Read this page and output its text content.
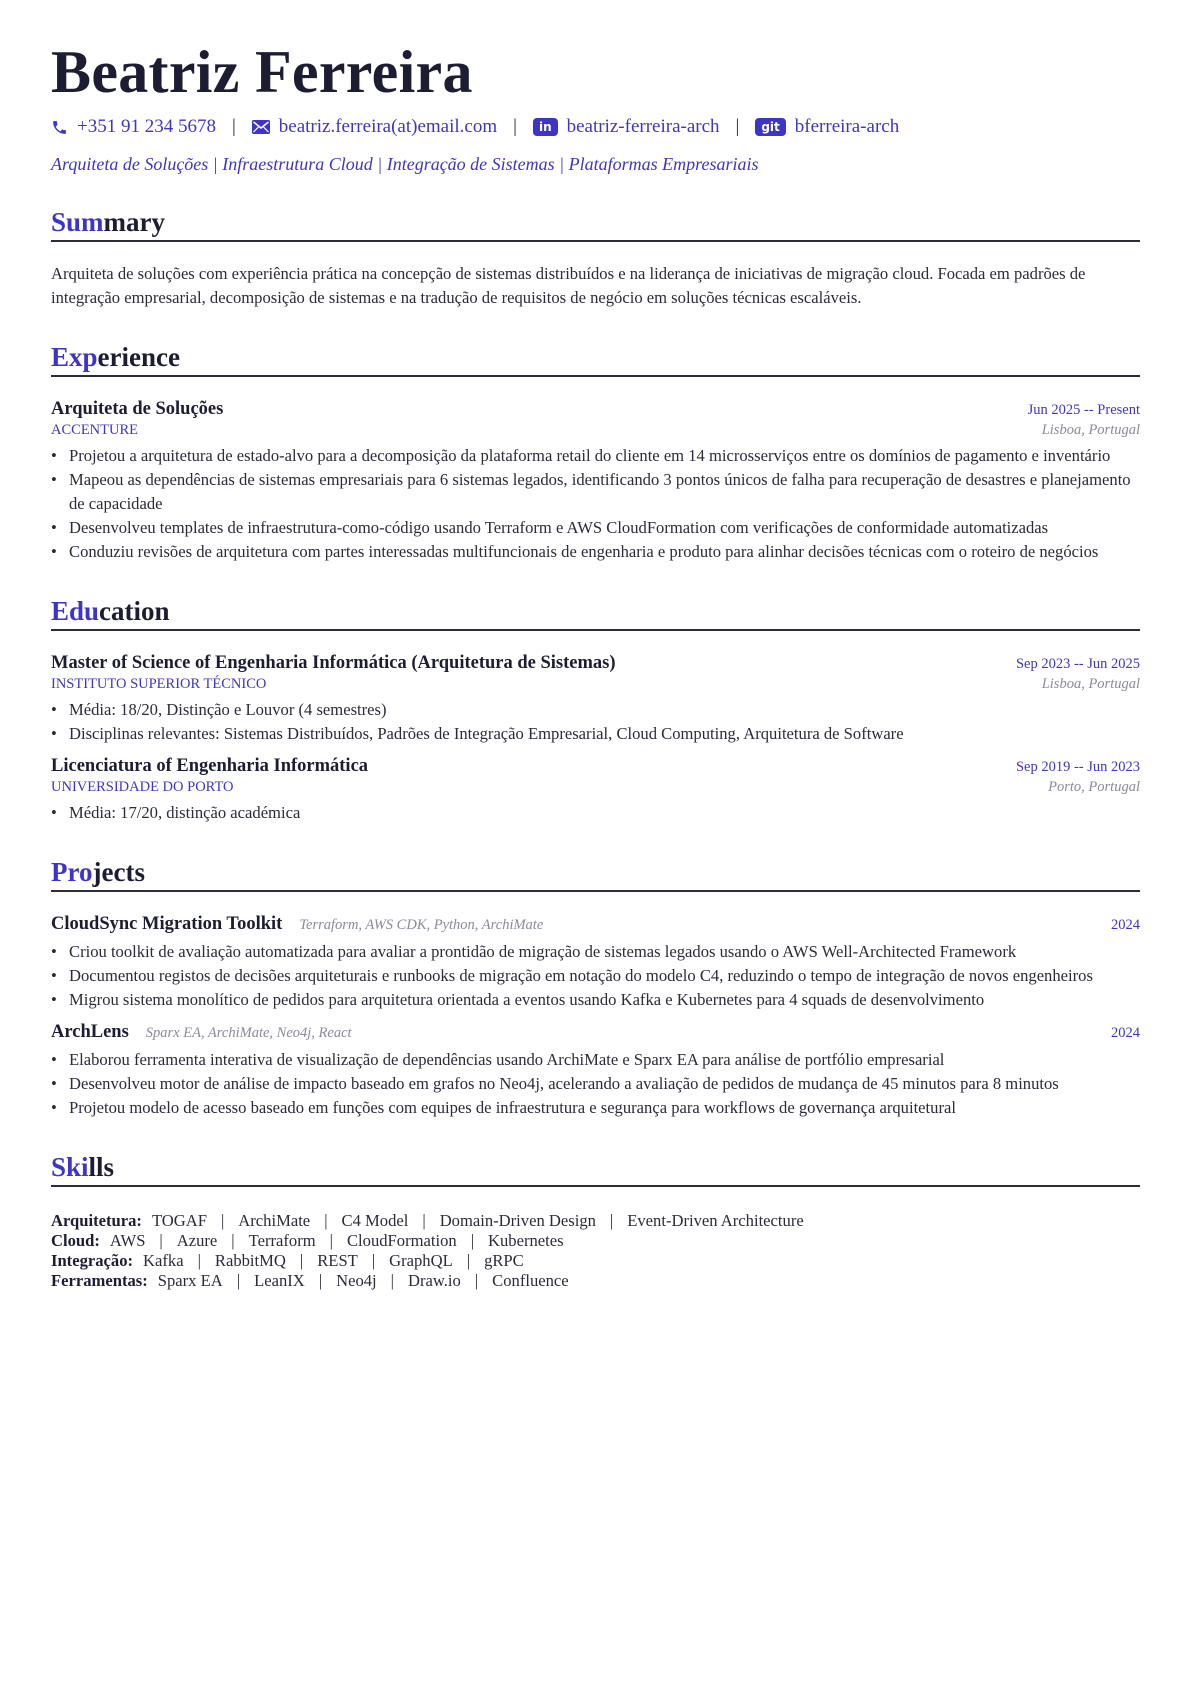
Beatriz Ferreira
+351 91 234 5678 | beatriz.ferreira(at)email.com |	in beatriz-ferreira-arch |	git bferreira-arch
Arquiteta de Soluções | Infraestrutura Cloud | Integração de Sistemas | Plataformas Empresariais
Summary
Arquiteta de soluções com experiência prática na concepção de sistemas distribuídos e na liderança de iniciativas de migração cloud. Focada em padrões de integração empresarial, decomposição de sistemas e na tradução de requisitos de negócio em soluções técnicas escaláveis.
Experience
Arquiteta de Soluções	Jun 2025 -- Present
ACCENTURE	Lisboa, Portugal
• Projetou a arquitetura de estado-alvo para a decomposição da plataforma retail do cliente em 14 microsserviços entre os domínios de pagamento e inventário
• Mapeou as dependências de sistemas empresariais para 6 sistemas legados, identificando 3 pontos únicos de falha para recuperação de desastres e planejamento de capacidade
• Desenvolveu templates de infraestrutura-como-código usando Terraform e AWS CloudFormation com verificações de conformidade automatizadas
• Conduziu revisões de arquitetura com partes interessadas multifuncionais de engenharia e produto para alinhar decisões técnicas com o roteiro de negócios
Education
Master of Science of Engenharia Informática (Arquitetura de Sistemas)	Sep 2023 -- Jun 2025
INSTITUTO SUPERIOR TÉCNICO	Lisboa, Portugal
• Média: 18/20, Distinção e Louvor (4 semestres)
• Disciplinas relevantes: Sistemas Distribuídos, Padrões de Integração Empresarial, Cloud Computing, Arquitetura de Software
Licenciatura of Engenharia Informática	Sep 2019 -- Jun 2023
UNIVERSIDADE DO PORTO	Porto, Portugal
• Média: 17/20, distinção académica
Projects
CloudSync Migration Toolkit Terraform, AWS CDK, Python, ArchiMate	2024
• Criou toolkit de avaliação automatizada para avaliar a prontidão de migração de sistemas legados usando o AWS Well-Architected Framework
• Documentou registos de decisões arquiteturais e runbooks de migração em notação do modelo C4, reduzindo o tempo de integração de novos engenheiros
• Migrou sistema monolítico de pedidos para arquitetura orientada a eventos usando Kafka e Kubernetes para 4 squads de desenvolvimento
ArchLens Sparx EA, ArchiMate, Neo4j, React	2024
• Elaborou ferramenta interativa de visualização de dependências usando ArchiMate e Sparx EA para análise de portfólio empresarial
• Desenvolveu motor de análise de impacto baseado em grafos no Neo4j, acelerando a avaliação de pedidos de mudança de 45 minutos para 8 minutos
• Projetou modelo de acesso baseado em funções com equipes de infraestrutura e segurança para workflows de governança arquitetural
Skills
Arquitetura: TOGAF | ArchiMate | C4 Model | Domain-Driven Design | Event-Driven Architecture
Cloud: AWS | Azure | Terraform | CloudFormation | Kubernetes
Integração: Kafka | RabbitMQ | REST | GraphQL | gRPC
Ferramentas: Sparx EA | LeanIX | Neo4j | Draw.io | Confluence
